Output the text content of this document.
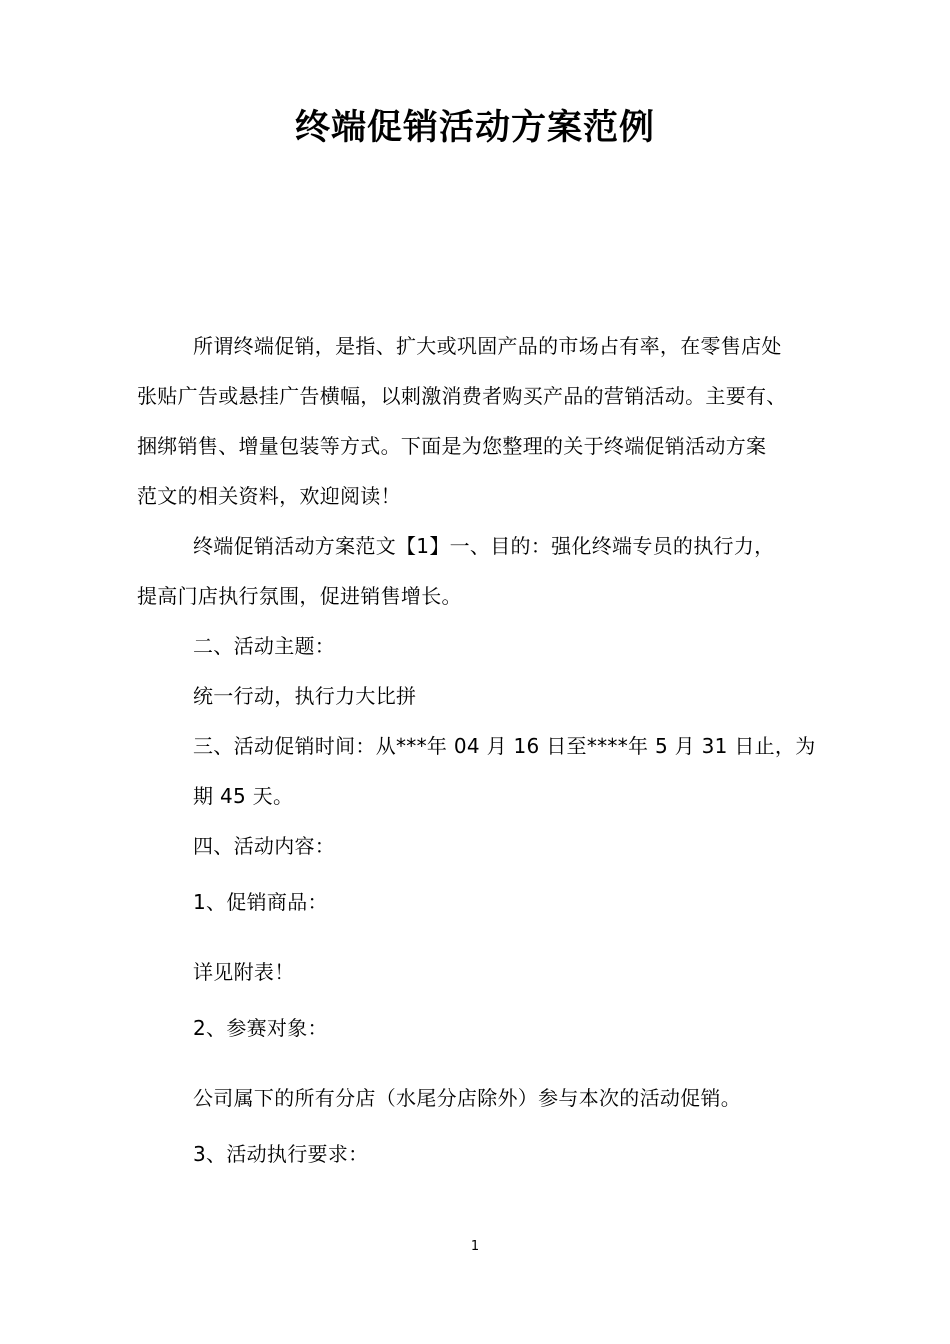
终端促销活动方案范例
所谓终端促销，是指、扩大或巩固产品的市场占有率，在零售店处
张贴广告或悬挂广告横幅，以刺激消费者购买产品的营销活动。主要有、
捆绑销售、增量包装等方式。下面是为您整理的关于终端促销活动方案
范文的相关资料，欢迎阅读！
终端促销活动方案范文【1】一、目的：强化终端专员的执行力，
提高门店执行氛围，促进销售增长。
二、活动主题：
统一行动，执行力大比拼
三、活动促销时间：从***年 04 月 16 日至****年 5 月 31 日止，为
期 45 天。
四、活动内容：
1、促销商品：
详见附表！
2、参赛对象：
公司属下的所有分店（水尾分店除外）参与本次的活动促销。
3、活动执行要求：
1
